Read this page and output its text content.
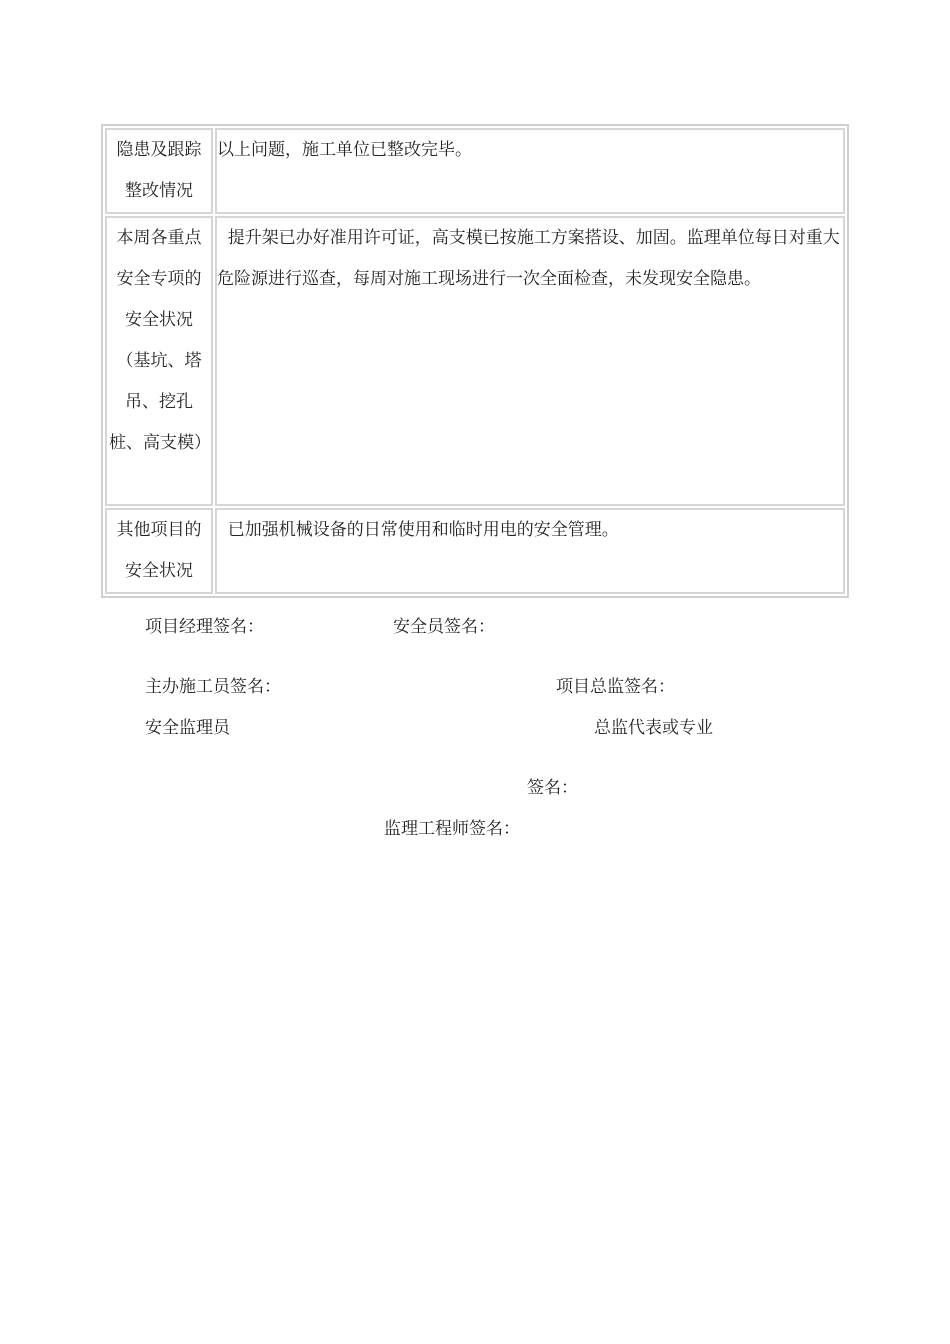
隐患及跟踪整改情况	以上问题，施工单位已整改完毕。
本周各重点安全专项的安全状况（基坑、塔吊、挖孔桩、高支模）	提升架已办好准用许可证，高支模已按施工方案搭设、加固。监理单位每日对重大危险源进行巡查，每周对施工现场进行一次全面检查，未发现安全隐患。
其他项目的安全状况	已加强机械设备的日常使用和临时用电的安全管理。
项目经理签名：	安全员签名：
主办施工员签名：	项目总监签名：
安全监理员	总监代表或专业
签名：
监理工程师签名：
